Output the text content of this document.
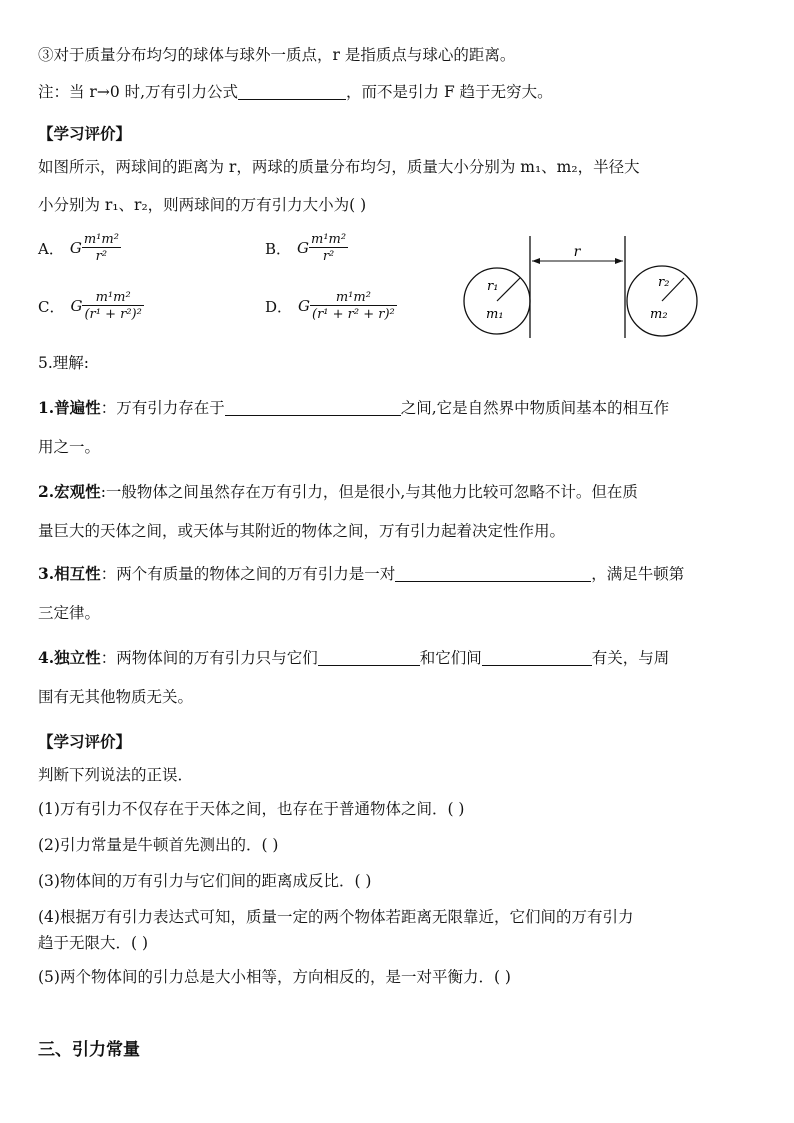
③对于质量分布均匀的球体与球外一质点，r 是指质点与球心的距离。
注：当 r→0 时,万有引力公式	，而不是引力 F 趋于无穷大。
【学习评价】
如图所示，两球间的距离为 r，两球的质量分布均匀，质量大小分别为 m₁、m₂，半径大
小分别为 r₁、r₂，则两球间的万有引力大小为( )
A． G $\frac{\text{m¹m²}}{\text{r²}}$	B． G $\frac{\text{m¹m²}}{\text{r²}}$
C． G $\frac{\text{m¹m²}}{\text{(r¹ + r²)²}}$	D． G $\frac{\text{m¹m²}}{\text{(r¹ + r² + r)²}}$
r
r₁
m₁
r₂
m₂
5.理解:
1.普遍性：万有引力存在于	之间,它是自然界中物质间基本的相互作
用之一。
2.宏观性:一般物体之间虽然存在万有引力，但是很小,与其他力比较可忽略不计。但在质
量巨大的天体之间，或天体与其附近的物体之间，万有引力起着决定性作用。
3.相互性：两个有质量的物体之间的万有引力是一对	，满足牛顿第
三定律。
4.独立性：两物体间的万有引力只与它们	和它们间	有关，与周
围有无其他物质无关。
【学习评价】
判断下列说法的正误．
(1)万有引力不仅存在于天体之间，也存在于普通物体之间．( )
(2)引力常量是牛顿首先测出的．( )
(3)物体间的万有引力与它们间的距离成反比．( )
(4)根据万有引力表达式可知，质量一定的两个物体若距离无限靠近，它们间的万有引力
趋于无限大．( )
(5)两个物体间的引力总是大小相等，方向相反的，是一对平衡力．( )
三、引力常量
